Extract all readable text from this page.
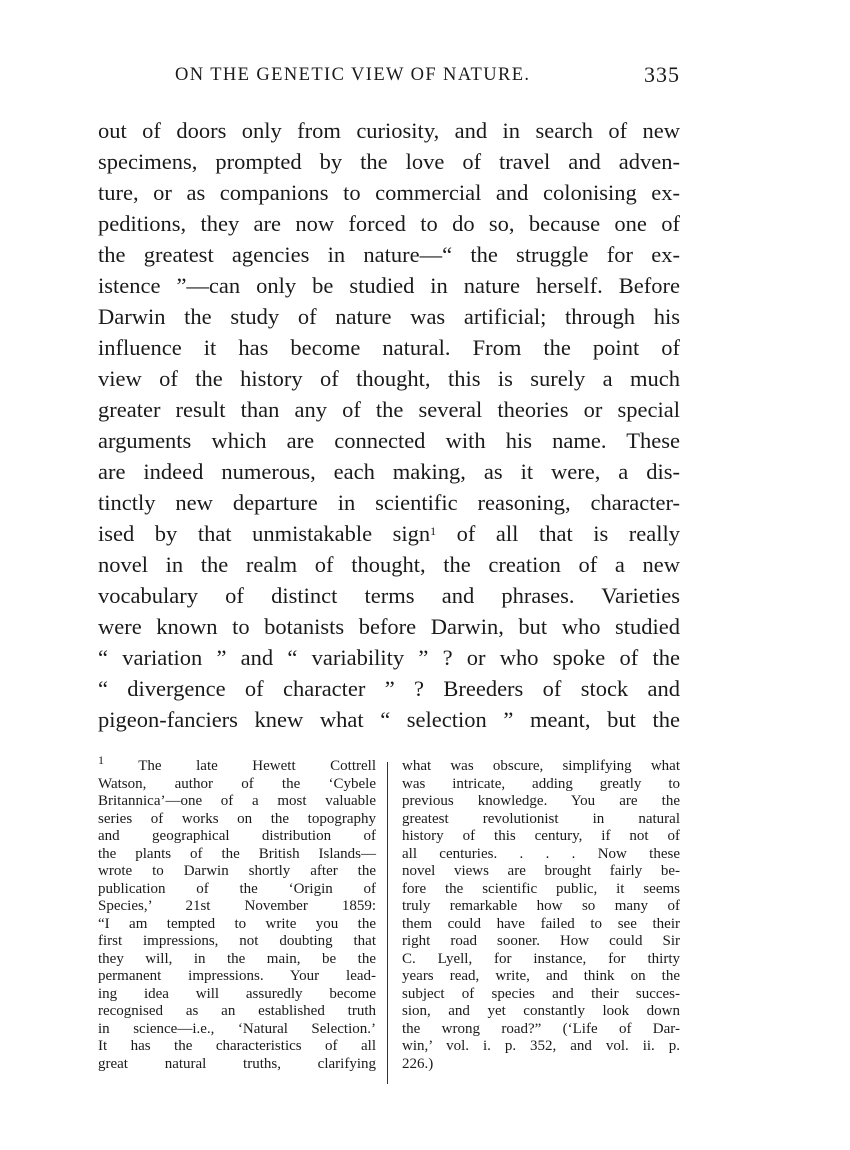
ON THE GENETIC VIEW OF NATURE.	335
out of doors only from curiosity, and in search of new
specimens, prompted by the love of travel and adven-
ture, or as companions to commercial and colonising ex-
peditions, they are now forced to do so, because one of
the greatest agencies in nature—“ the struggle for ex-
istence ”—can only be studied in nature herself. Before
Darwin the study of nature was artificial; through his
influence it has become natural. From the point of
view of the history of thought, this is surely a much
greater result than any of the several theories or special
arguments which are connected with his name. These
are indeed numerous, each making, as it were, a dis-
tinctly new departure in scientific reasoning, character-
ised by that unmistakable sign$^1$ of all that is really
novel in the realm of thought, the creation of a new
vocabulary of distinct terms and phrases. Varieties
were known to botanists before Darwin, but who studied
“ variation ” and “ variability ” ? or who spoke of the
“ divergence of character ” ? Breeders of stock and
pigeon-fanciers knew what “ selection ” meant, but the
$^1$ The late Hewett Cottrell
Watson, author of the ‘Cybele
Britannica’—one of a most valuable
series of works on the topography
and geographical distribution of
the plants of the British Islands—
wrote to Darwin shortly after the
publication of the ‘Origin of
Species,’ 21st November 1859:
“I am tempted to write you the
first impressions, not doubting that
they will, in the main, be the
permanent impressions. Your lead-
ing idea will assuredly become
recognised as an established truth
in science—i.e., ‘Natural Selection.’
It has the characteristics of all
great natural truths, clarifying
what was obscure, simplifying what
was intricate, adding greatly to
previous knowledge. You are the
greatest revolutionist in natural
history of this century, if not of
all centuries. . . . Now these
novel views are brought fairly be-
fore the scientific public, it seems
truly remarkable how so many of
them could have failed to see their
right road sooner. How could Sir
C. Lyell, for instance, for thirty
years read, write, and think on the
subject of species and their succes-
sion, and yet constantly look down
the wrong road?” (‘Life of Dar-
win,’ vol. i. p. 352, and vol. ii. p.
226.)
